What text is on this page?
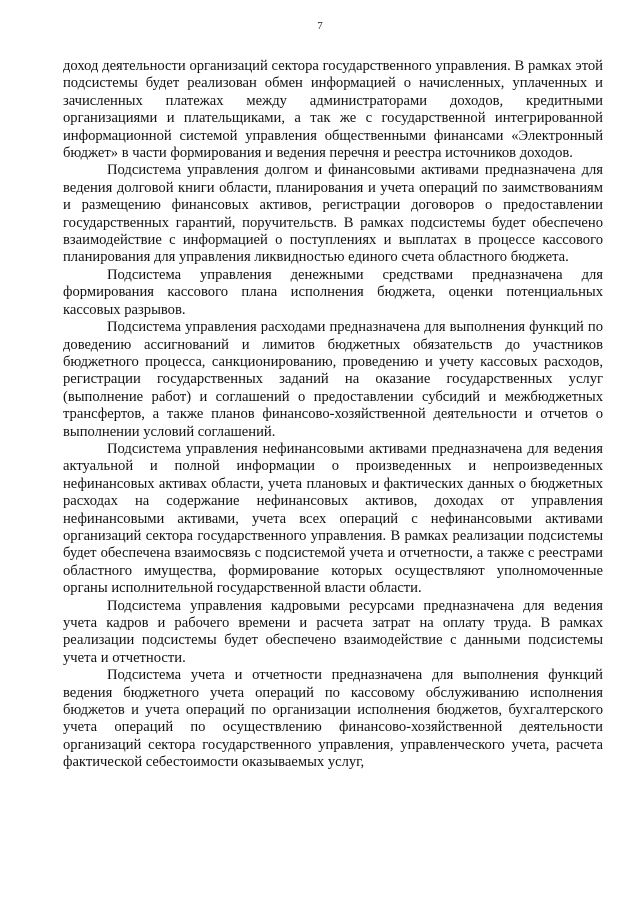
7

доход деятельности организаций сектора государственного управления. В рамках этой подсистемы будет реализован обмен информацией о начисленных, уплаченных и зачисленных платежах между администраторами доходов, кредитными организациями и плательщиками, а так же с государственной интегрированной информационной системой управления общественными финансами «Электронный бюджет» в части формирования и ведения перечня и реестра источников доходов.

Подсистема управления долгом и финансовыми активами предназначена для ведения долговой книги области, планирования и учета операций по заимствованиям и размещению финансовых активов, регистрации договоров о предоставлении государственных гарантий, поручительств. В рамках подсистемы будет обеспечено взаимодействие с информацией о поступлениях и выплатах в процессе кассового планирования для управления ликвидностью единого счета областного бюджета.

Подсистема управления денежными средствами предназначена для формирования кассового плана исполнения бюджета, оценки потенциальных кассовых разрывов.

Подсистема управления расходами предназначена для выполнения функций по доведению ассигнований и лимитов бюджетных обязательств до участников бюджетного процесса, санкционированию, проведению и учету кассовых расходов, регистрации государственных заданий на оказание государственных услуг (выполнение работ) и соглашений о предоставлении субсидий и межбюджетных трансфертов, а также планов финансово-хозяйственной деятельности и отчетов о выполнении условий соглашений.

Подсистема управления нефинансовыми активами предназначена для ведения актуальной и полной информации о произведенных и непроизведенных нефинансовых активах области, учета плановых и фактических данных о бюджетных расходах на содержание нефинансовых активов, доходах от управления нефинансовыми активами, учета всех операций с нефинансовыми активами организаций сектора государственного управления. В рамках реализации подсистемы будет обеспечена взаимосвязь с подсистемой учета и отчетности, а также с реестрами областного имущества, формирование которых осуществляют уполномоченные органы исполнительной государственной власти области.

Подсистема управления кадровыми ресурсами предназначена для ведения учета кадров и рабочего времени и расчета затрат на оплату труда. В рамках реализации подсистемы будет обеспечено взаимодействие с данными подсистемы учета и отчетности.

Подсистема учета и отчетности предназначена для выполнения функций ведения бюджетного учета операций по кассовому обслуживанию исполнения бюджетов и учета операций по организации исполнения бюджетов, бухгалтерского учета операций по осуществлению финансово-хозяйственной деятельности организаций сектора государственного управления, управленческого учета, расчета фактической себестоимости оказываемых услуг,
